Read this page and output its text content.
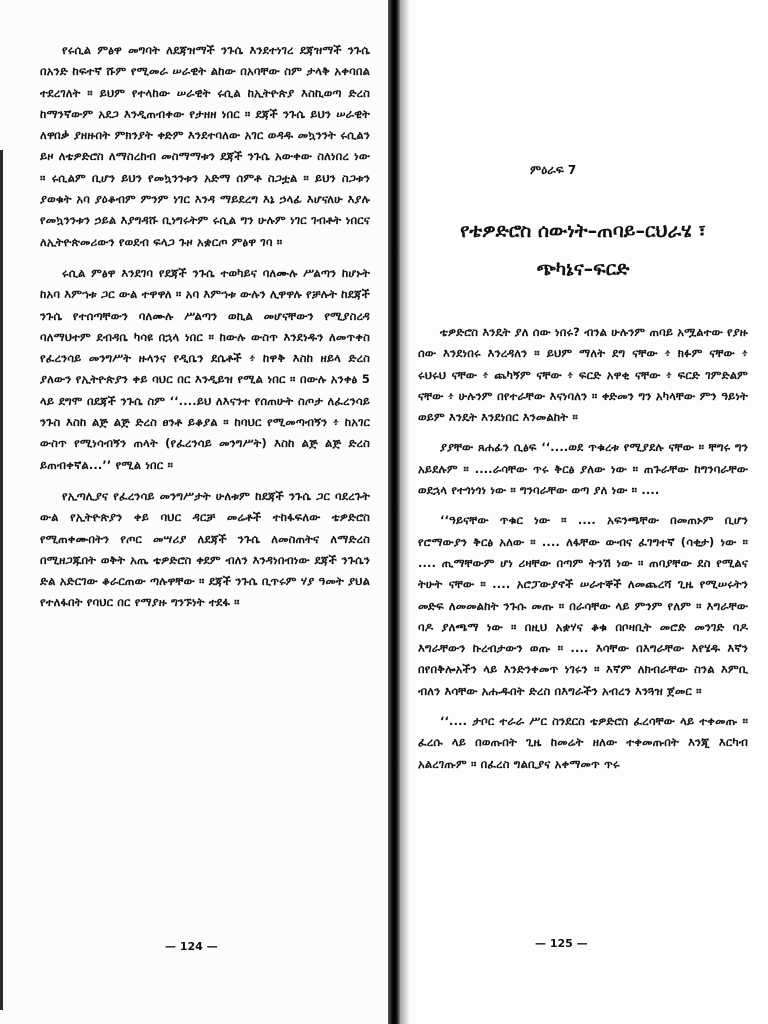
የሩሲል ምፅዋ መግባት ለደጃዝማች ንጉሴ እንደተነገረ ደጃዝማች ንጉሴ በአንድ ከፍተኛ ሹም የሚመራ ሠራዊት ልከው በአባቸው ስም ታላቅ አቀባበል ተደረገለት ። ይህም የተላከው ሠራዊት ሩሲል ከኢትዮጵያ እስኪወጣ ድረስ ከማንኛውም አደጋ እንዲጠብቀው የታዘዘ ነበር ። ደጃች ንጉሴ ይህን ሠራዊት ለዋበቃ ያዘዙበት ምክንያት ቀድም እንደተባለው አገር ወዳዱ መኳንንት ሩሲልን ይዞ ለቴዎድሮስ ለማስረከብ መስማማቱን ደጃች ንጉሴ አውቀው ስለነበረ ነው ። ሩሲልም ቢሆን ይህን የመኳንንቱን አድማ ሰምቶ ስጋቷል ። ይህን ስጋቱን ያወቁት አባ ያዕቆብም ምንም ነገር እንዳ ማይደረግ እኔ ኃላፊ እሆናለሁ እያሉ የመኳንንቱን ኃይል እያግዳሹ ቢነግሩትም ሩሲል ግን ሁሉም ነገር ገብቶት ነበርና ለኢትዮጵመሪውን የወደብ ፍላጋ ጉዞ አቋርጦ ምፅዋ ገባ ።

ሩሲል ምፅዋ እንደገባ የደጃች ንጉሴ ተወካይና ባለሙሉ ሥልጣን ከሆኑት ከአባ እምኀቱ ጋር ውል ተዋዋለ ። አባ እምኀቱ ውሉን ሊዋዋሉ የቻሉት ከደጃች ንጉሴ የተሰጣቸውን ባለሙሉ ሥልጣን ወኪል መሆናቸውን የሚያስረዳ ባለማህተም ደብዳቤ ካሳዩ በኋላ ነበር ። ከውሉ ውስጥ እንደነዱን ለመጥቀስ የፈረንሳይ መንግሥት ዙላንና የዲቤን ደሴቶች ፥ ከዋቅ እስከ ዘይላ ድረስ ያለውን የኢትዮጵያን ቀይ ባህር በር እንዲይዝ የሚል ነበር ። በውሉ አንቀፅ 5 ላይ ደግሞ በደጃች ንጉሴ ስም ‘‘....ይህ ለእናንተ የሰጠሁት ስጦታ ለፈረንሳይ ንጉስ እስከ ልጅ ልጅ ድረስ ፀንቶ ይቆያል ። ከባህር የሚመጣብኝን ፥ ከአገር ውስጥ የሚነሳብኝን ጠላት (የፈረንሳይ መንግሥት) እስከ ልጅ ልጅ ድረስ ይጠብቀኛል...’’ የሚል ነበር ።

የኢጣሊያና የፈረንሳይ መንግሥታት ሁለቱም ከደጃች ንጉሴ ጋር ባደረጉት ውል የኢትዮጵያን ቀይ ባህር ዳርቻ መሬቶች ተከፋፍለው ቴዎድሮስ የሚጠቀሙበትን የጦር መሣሪያ ለደጃች ንጉሴ ለመስጠትና ለማድረስ በሚዘጋጁበት ወቅት አጤ ቴዎድሮስ ቀደም ብለን እንዳነበብነው ደጃች ንጉሴን ድል አድርገው ቆራርጠው ጣሉዋቸው ። ደጃች ንጉሴ ቢጥሩም ሃያ ዓመት ያህል የተለፋበት የባህር በር የማያዙ ግንኙነት ተደፋ ።

— 124 —
ምዕራፍ 7
የቴዎድሮስ ሰውነት–ጠባይ–ርህራሄ ፣
ጭካኔና–ፍርድ

ቴዎድሮስ እንዴት ያለ ሰው ነበሩ? ብንል ሁሉንም ጠባይ አሟልተው የያዙ ሰው እንደነበሩ እንረዳለን ። ይህም ማለት ደግ ናቸው ፥ ክፉም ናቸው ፥ ሩህሩህ ናቸው ፥ ጨካኝም ናቸው ፥ ፍርድ አዋቂ ናቸው ፥ ፍርድ ገምድልም ናቸው ፥ ሁሉንም በየተራቸው እናነባለን ። ቀድመን ግን አካላቸው ምን ዓይነት ወይም እንዴት እንደነበር እንመልከት ።

ያያቸው ጸሐፊን ሲፅፍ ‘‘....ወደ ጥቁረቱ የሚያደሉ ናቸው ። ቸግሩ ግን አይደሉም ። ....ራሳቸው ጥሩ ቅርፅ ያለው ነው ። ጠጉራቸው ከግንባራቸው ወደኋላ የተጎነጎነ ነው ። ግንባራቸው ወጣ ያለ ነው ። ....

‘‘ዓይናቸው ጥቁር ነው ። .... አፍንጫቸው በመጠኑም ቢሆን የሮማውያን ቅርፅ አለው ። .... ለፋቸው ውብና ፈገግተኛ (ሳቂታ) ነው ። .... ጢማቸውም ሆነ ሪዛቸው በጣም ትንሽ ነው ። ጠባያቸው ደስ የሚልና ትሁት ናቸው ። .... አሮፓውያኖች ሠራተኞች ለመጨረሻ ጊዜ የሚሠሩትን መድፍ ለመመልከት ንጉሱ መጡ ። በራሳቸው ላይ ምንም የለም ። እግራቸው ባዶ ያለጫማ ነው ። በዚህ አቋሃና ቆቁ በቦዛቢት መሮድ መንገድ ባዶ እግራቸውን ኩረብታውን ወጡ ። .... እሳቸው በእግራቸው እየሄዱ እኛን በየበቅሎአችን ላይ እንድንቀመጥ ነገሩን ። እኛም ለክብራቸው ስንል እምቢ ብለን እሳቸው አሑዱበት ድረስ በእግራችን አብረን እንጓዝ ጀመር ።

‘‘.... ታቦር ተራራ ሥር ስንደርስ ቴዎድሮስ ፈረሳቸው ላይ ተቀመጡ ። ፈረሱ ላይ በወጡበት ጊዜ ከመሬት ዘለው ተቀመጡበት እንጂ እርካብ አልረገጡም ። በፈረስ ግልቢያና አቀማመጥ ጥሩ

— 125 —
